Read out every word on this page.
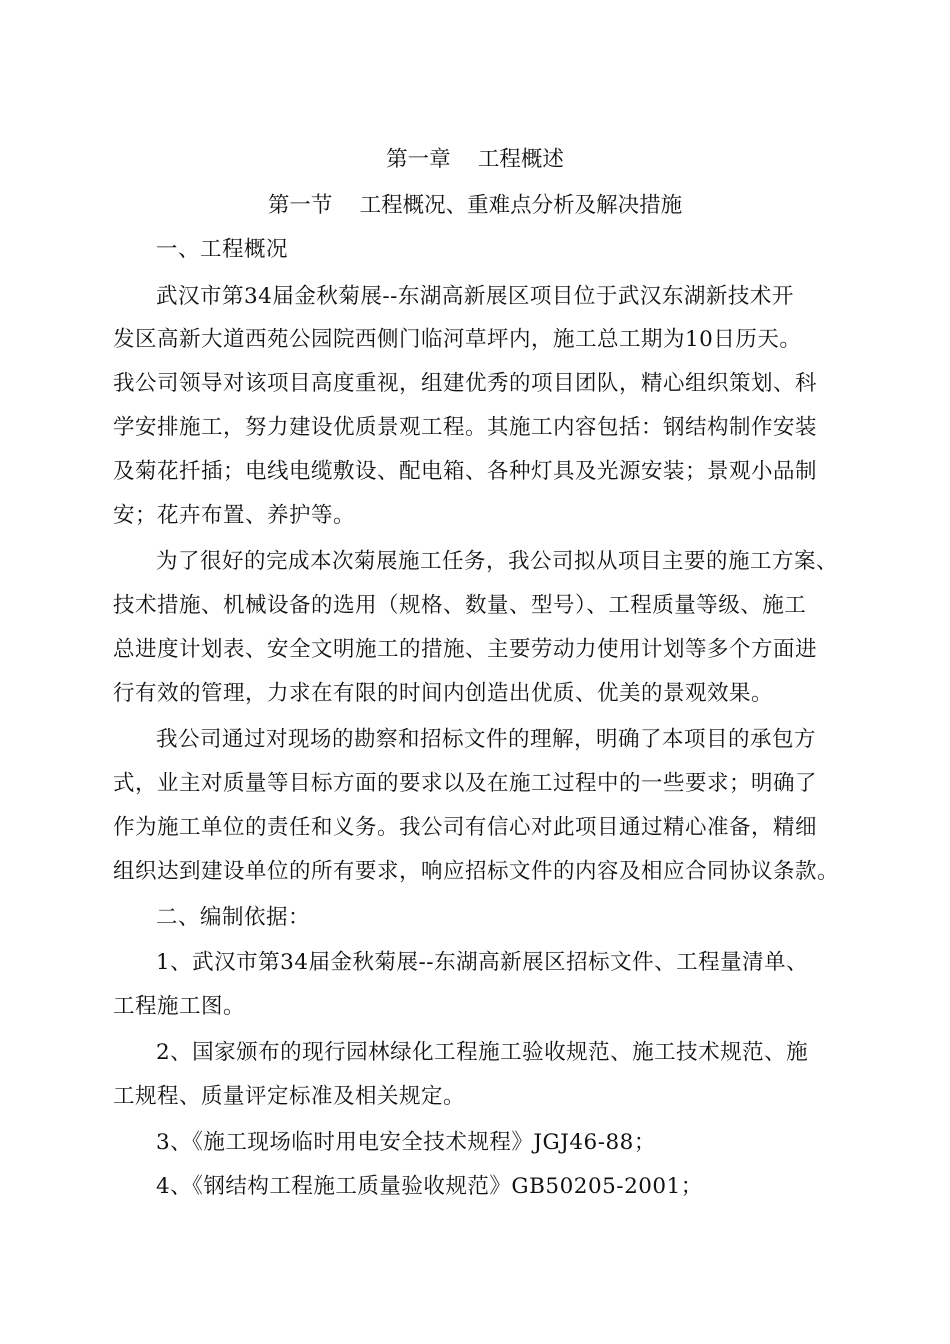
第一章    工程概述
第一节    工程概况、重难点分析及解决措施
一、工程概况
武汉市第34届金秋菊展--东湖高新展区项目位于武汉东湖新技术开
发区高新大道西苑公园院西侧门临河草坪内，施工总工期为10日历天。
我公司领导对该项目高度重视，组建优秀的项目团队，精心组织策划、科
学安排施工，努力建设优质景观工程。其施工内容包括：钢结构制作安装
及菊花扦插；电线电缆敷设、配电箱、各种灯具及光源安装；景观小品制
安；花卉布置、养护等。
为了很好的完成本次菊展施工任务，我公司拟从项目主要的施工方案、
技术措施、机械设备的选用（规格、数量、型号）、工程质量等级、施工
总进度计划表、安全文明施工的措施、主要劳动力使用计划等多个方面进
行有效的管理，力求在有限的时间内创造出优质、优美的景观效果。
我公司通过对现场的勘察和招标文件的理解，明确了本项目的承包方
式，业主对质量等目标方面的要求以及在施工过程中的一些要求；明确了
作为施工单位的责任和义务。我公司有信心对此项目通过精心准备，精细
组织达到建设单位的所有要求，响应招标文件的内容及相应合同协议条款。
二、编制依据：
1、武汉市第34届金秋菊展--东湖高新展区招标文件、工程量清单、
工程施工图。
2、国家颁布的现行园林绿化工程施工验收规范、施工技术规范、施
工规程、质量评定标准及相关规定。
3、《施工现场临时用电安全技术规程》JGJ46-88；
4、《钢结构工程施工质量验收规范》GB50205-2001；
